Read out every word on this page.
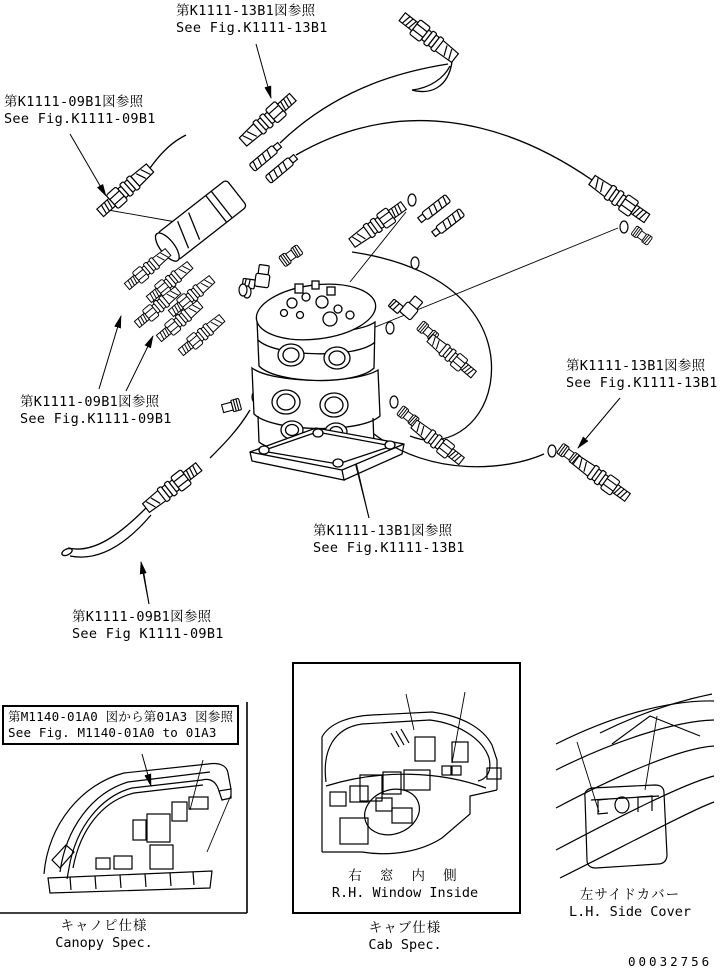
第K1111-13B1図参照
See Fig.K1111-13B1
第K1111-09B1図参照
See Fig.K1111-09B1
第K1111-09B1図参照
See Fig.K1111-09B1
第K1111-13B1図参照
See Fig.K1111-13B1
第K1111-13B1図参照
See Fig.K1111-13B1
第K1111-09B1図参照
See Fig K1111-09B1
第M1140-01A0 図から第01A3 図参照
See Fig. M1140-01A0 to 01A3
キャノピ仕様
Canopy Spec.
右 窓 内 側
R.H. Window Inside
キャブ仕様
Cab Spec.
左サイドカバー
L.H. Side Cover
00032756
